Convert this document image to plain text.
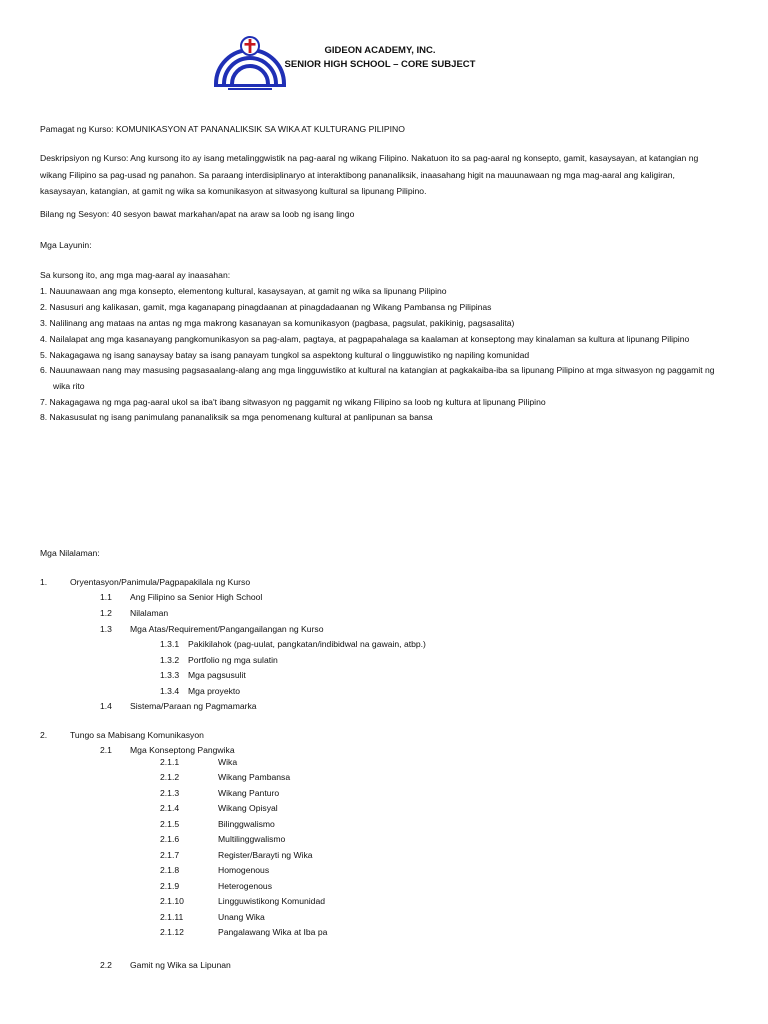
GIDEON ACADEMY, INC.
SENIOR HIGH SCHOOL – CORE SUBJECT
Pamagat ng Kurso: KOMUNIKASYON AT PANANALIKSIK SA WIKA AT KULTURANG PILIPINO
Deskripsiyon ng Kurso: Ang kursong ito ay isang metalinggwistik na pag-aaral ng wikang Filipino. Nakatuon ito sa pag-aaral ng konsepto, gamit, kasaysayan, at katangian ng
wikang Filipino sa pag-usad ng panahon. Sa paraang interdisiplinaryo at interaktibong pananaliksik, inaasahang higit na mauunawaan ng mga mag-aaral ang kaligiran,
kasaysayan, katangian, at gamit ng wika sa komunikasyon at sitwasyong kultural sa lipunang Pilipino.
Bilang ng Sesyon: 40 sesyon bawat markahan/apat na araw sa loob ng isang lingo
Mga Layunin:
Sa kursong ito, ang mga mag-aaral ay inaasahan:
1. Nauunawaan ang mga konsepto, elementong kultural, kasaysayan, at gamit ng wika sa lipunang Pilipino
2. Nasusuri ang kalikasan, gamit, mga kaganapang pinagdaanan at pinagdadaanan ng Wikang Pambansa ng Pilipinas
3. Nalilinang ang mataas na antas ng mga makrong kasanayan sa komunikasyon (pagbasa, pagsulat, pakikinig, pagsasalita)
4. Nailalapat ang mga kasanayang pangkomunikasyon sa pag-alam, pagtaya, at pagpapahalaga sa kaalaman at konseptong may kinalaman sa kultura at lipunang Pilipino
5. Nakagagawa ng isang sanaysay batay sa isang panayam tungkol sa aspektong kultural o lingguwistiko ng napiling komunidad
6. Nauunawaan nang may masusing pagsasaalang-alang ang mga lingguwistiko at kultural na katangian at pagkakaiba-iba sa lipunang Pilipino at mga sitwasyon ng paggamit ng
wika rito
7. Nakagagawa ng mga pag-aaral ukol sa iba't ibang sitwasyon ng paggamit ng wikang Filipino sa loob ng kultura at lipunang Pilipino
8. Nakasusulat ng isang panimulang pananaliksik sa mga penomenang kultural at panlipunan sa bansa
Mga Nilalaman:
1.	Oryentasyon/Panimula/Pagpapakilala ng Kurso
1.1 Ang Filipino sa Senior High School
1.2 Nilalaman
1.3 Mga Atas/Requirement/Pangangailangan ng Kurso
1.3.1 Pakikilahok (pag-uulat, pangkatan/indibidwal na gawain, atbp.)
1.3.2 Portfolio ng mga sulatin
1.3.3 Mga pagsusulit
1.3.4 Mga proyekto
1.4 Sistema/Paraan ng Pagmamarka
2.	Tungo sa Mabisang Komunikasyon
2.1 Mga Konseptong Pangwika
2.1.1	Wika
2.1.2	Wikang Pambansa
2.1.3	Wikang Panturo
2.1.4	Wikang Opisyal
2.1.5	Bilinggwalismo
2.1.6	Multilinggwalismo
2.1.7	Register/Barayti ng Wika
2.1.8	Homogenous
2.1.9	Heterogenous
2.1.10	Lingguwistikong Komunidad
2.1.11	Unang Wika
2.1.12	Pangalawang Wika at Iba pa
2.2 Gamit ng Wika sa Lipunan
